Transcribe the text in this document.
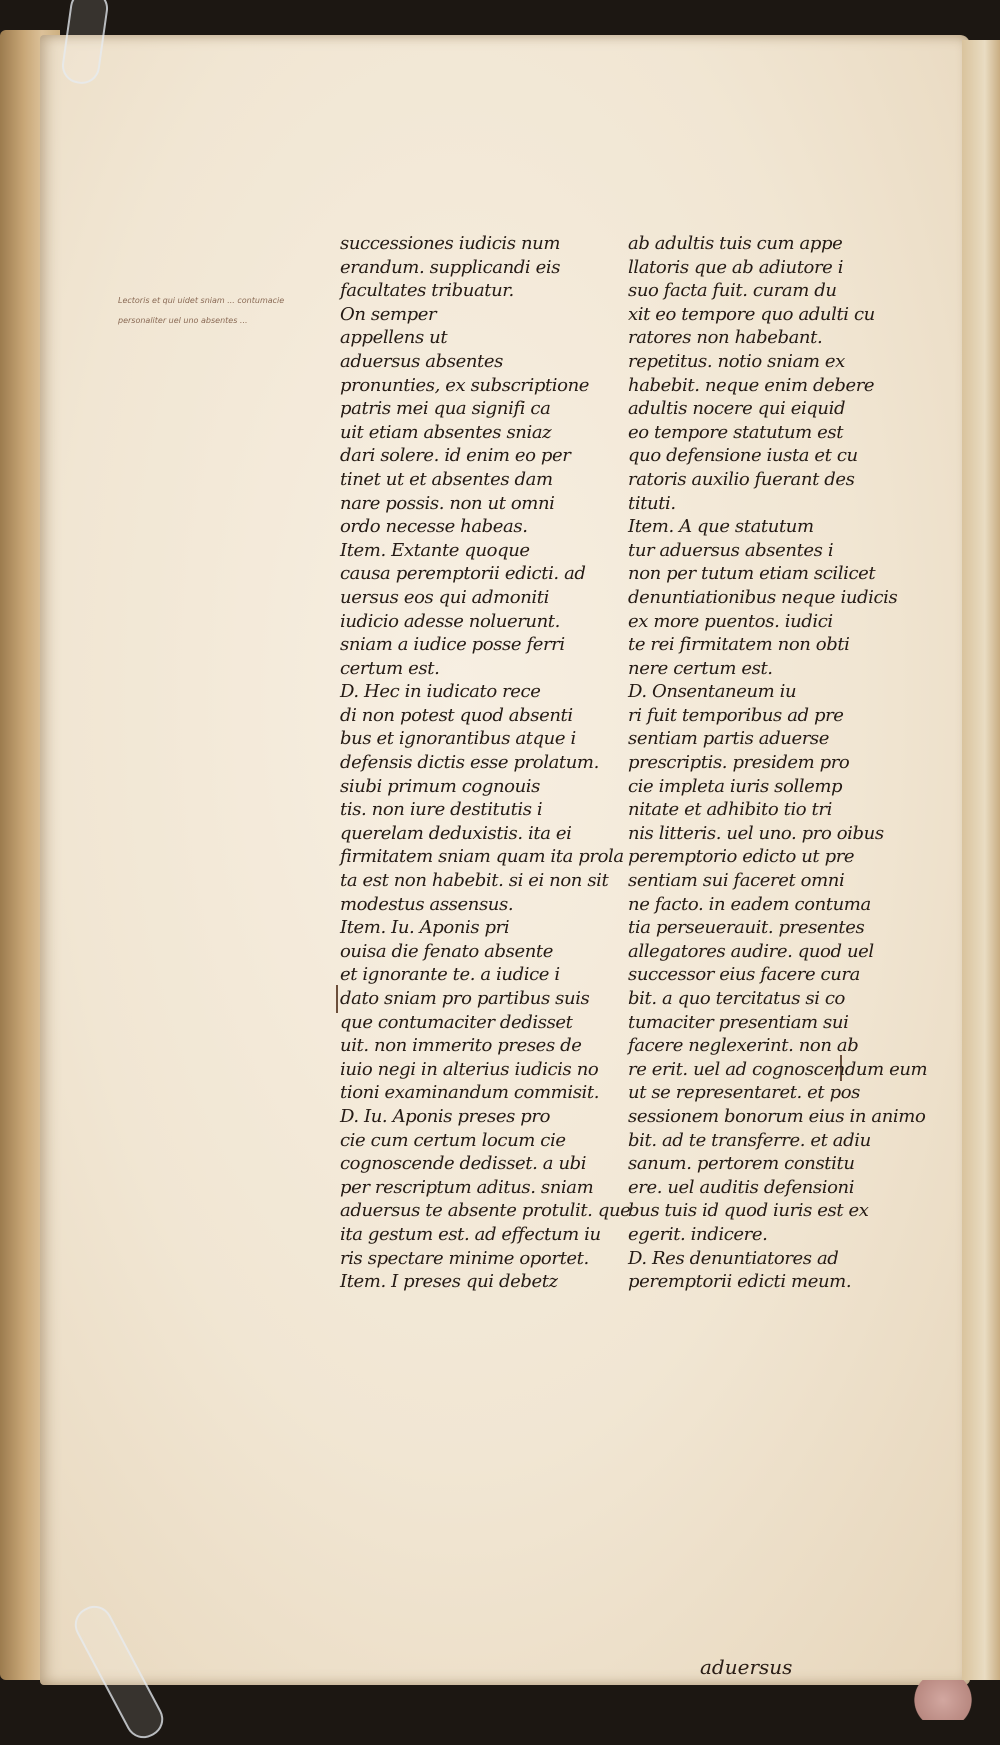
Lectoris et qui uidet sniam ... contumacie
personaliter uel uno absentes ...
successiones iudicis num
erandum. supplicandi eis
facultates tribuatur.
On semper
appellens ut
aduersus absentes
pronunties, ex subscriptione
patris mei qua signifi ca
uit etiam absentes sniaz
dari solere. id enim eo per
tinet ut et absentes dam
nare possis. non ut omni
ordo necesse habeas.
Item. Extante quoque
causa peremptorii edicti. ad
uersus eos qui admoniti
iudicio adesse noluerunt.
sniam a iudice posse ferri
certum est.
D. Hec in iudicato rece
di non potest quod absenti
bus et ignorantibus atque i
defensis dictis esse prolatum.
siubi primum cognouis
tis. non iure destitutis i
querelam deduxistis. ita ei
firmitatem sniam quam ita prola
ta est non habebit. si ei non sit
modestus assensus.
Item. Iu. Aponis pri
ouisa die fenato absente
et ignorante te. a iudice i
dato sniam pro partibus suis
que contumaciter dedisset
uit. non immerito preses de
iuio negi in alterius iudicis no
tioni examinandum commisit.
D. Iu. Aponis preses pro
cie cum certum locum cie
cognoscende dedisset. a ubi
per rescriptum aditus. sniam
aduersus te absente protulit. que
ita gestum est. ad effectum iu
ris spectare minime oportet.
Item. I preses qui debetz
ab adultis tuis cum appe
llatoris que ab adiutore i
suo facta fuit. curam du
xit eo tempore quo adulti cu
ratores non habebant.
repetitus. notio sniam ex
habebit. neque enim debere
adultis nocere qui eiquid
eo tempore statutum est
quo defensione iusta et cu
ratoris auxilio fuerant des
tituti.
Item. A que statutum
tur aduersus absentes i
non per tutum etiam scilicet
denuntiationibus neque iudicis
ex more puentos. iudici
te rei firmitatem non obti
nere certum est.
D. Onsentaneum iu
ri fuit temporibus ad pre
sentiam partis aduerse
prescriptis. presidem pro
cie impleta iuris sollemp
nitate et adhibito tio tri
nis litteris. uel uno. pro oibus
peremptorio edicto ut pre
sentiam sui faceret omni
ne facto. in eadem contuma
tia perseuerauit. presentes
allegatores audire. quod uel
successor eius facere cura
bit. a quo tercitatus si co
tumaciter presentiam sui
facere neglexerint. non ab
re erit. uel ad cognoscendum eum
ut se representaret. et pos
sessionem bonorum eius in animo
bit. ad te transferre. et adiu
sanum. pertorem constitu
ere. uel auditis defensioni
bus tuis id quod iuris est ex
egerit. indicere.
D. Res denuntiatores ad
peremptorii edicti meum.
aduersus
